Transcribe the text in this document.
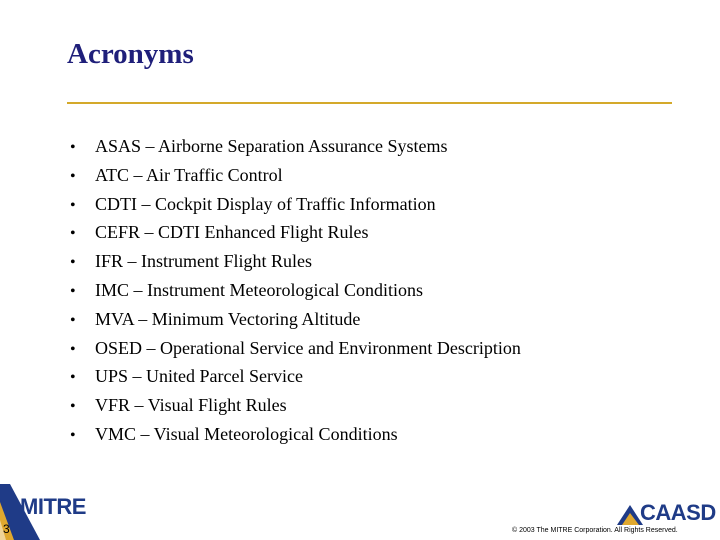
Acronyms
•	ASAS – Airborne Separation Assurance Systems
•	ATC – Air Traffic Control
•	CDTI – Cockpit Display of Traffic Information
•	CEFR – CDTI Enhanced Flight Rules
•	IFR – Instrument Flight Rules
•	IMC – Instrument Meteorological Conditions
•	MVA – Minimum Vectoring Altitude
•	OSED – Operational Service and Environment Description
•	UPS – United Parcel Service
•	VFR – Visual Flight Rules
•	VMC – Visual Meteorological Conditions
MITRE
3
CAASD
© 2003 The MITRE Corporation. All Rights Reserved.
